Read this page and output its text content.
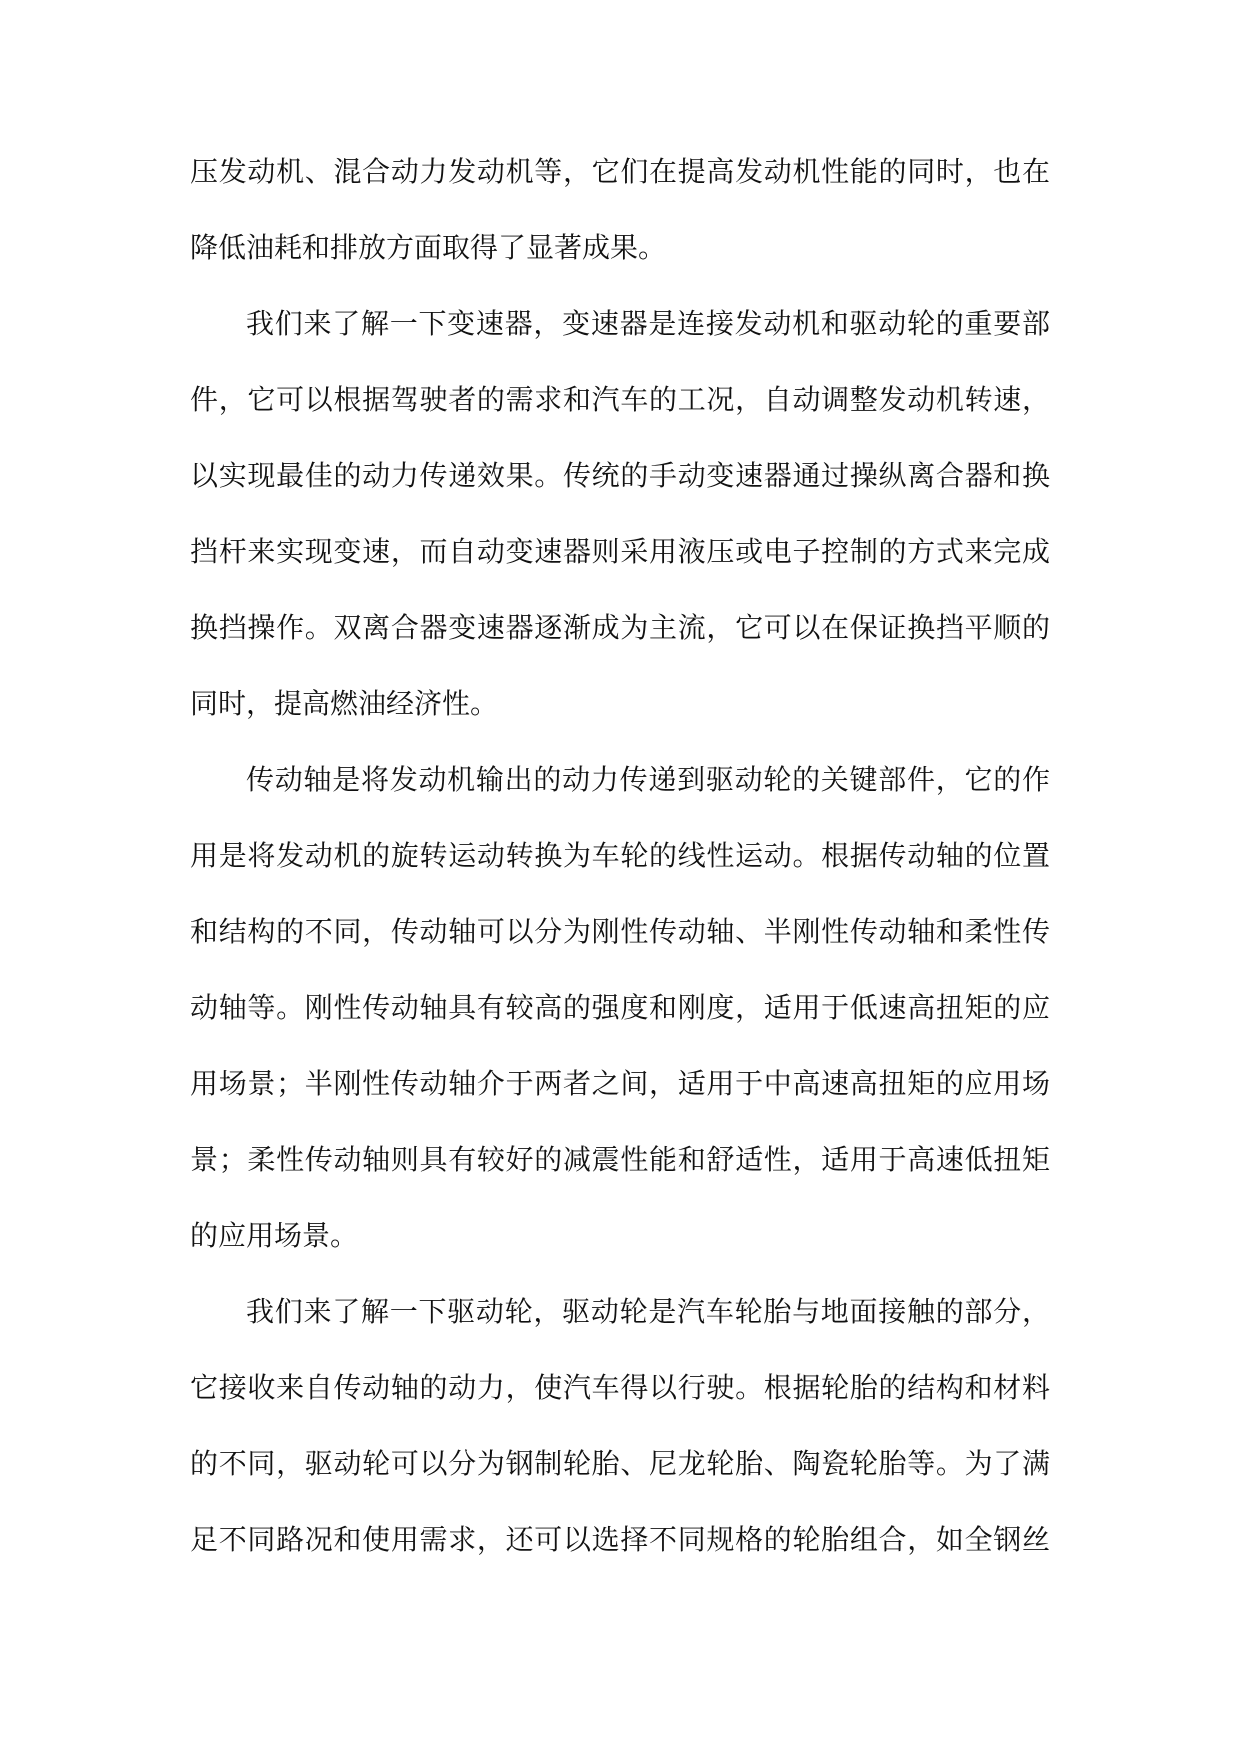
压发动机、混合动力发动机等，它们在提高发动机性能的同时，也在
降低油耗和排放方面取得了显著成果。
我们来了解一下变速器，变速器是连接发动机和驱动轮的重要部
件，它可以根据驾驶者的需求和汽车的工况，自动调整发动机转速，
以实现最佳的动力传递效果。传统的手动变速器通过操纵离合器和换
挡杆来实现变速，而自动变速器则采用液压或电子控制的方式来完成
换挡操作。双离合器变速器逐渐成为主流，它可以在保证换挡平顺的
同时，提高燃油经济性。
传动轴是将发动机输出的动力传递到驱动轮的关键部件，它的作
用是将发动机的旋转运动转换为车轮的线性运动。根据传动轴的位置
和结构的不同，传动轴可以分为刚性传动轴、半刚性传动轴和柔性传
动轴等。刚性传动轴具有较高的强度和刚度，适用于低速高扭矩的应
用场景；半刚性传动轴介于两者之间，适用于中高速高扭矩的应用场
景；柔性传动轴则具有较好的减震性能和舒适性，适用于高速低扭矩
的应用场景。
我们来了解一下驱动轮，驱动轮是汽车轮胎与地面接触的部分，
它接收来自传动轴的动力，使汽车得以行驶。根据轮胎的结构和材料
的不同，驱动轮可以分为钢制轮胎、尼龙轮胎、陶瓷轮胎等。为了满
足不同路况和使用需求，还可以选择不同规格的轮胎组合，如全钢丝
